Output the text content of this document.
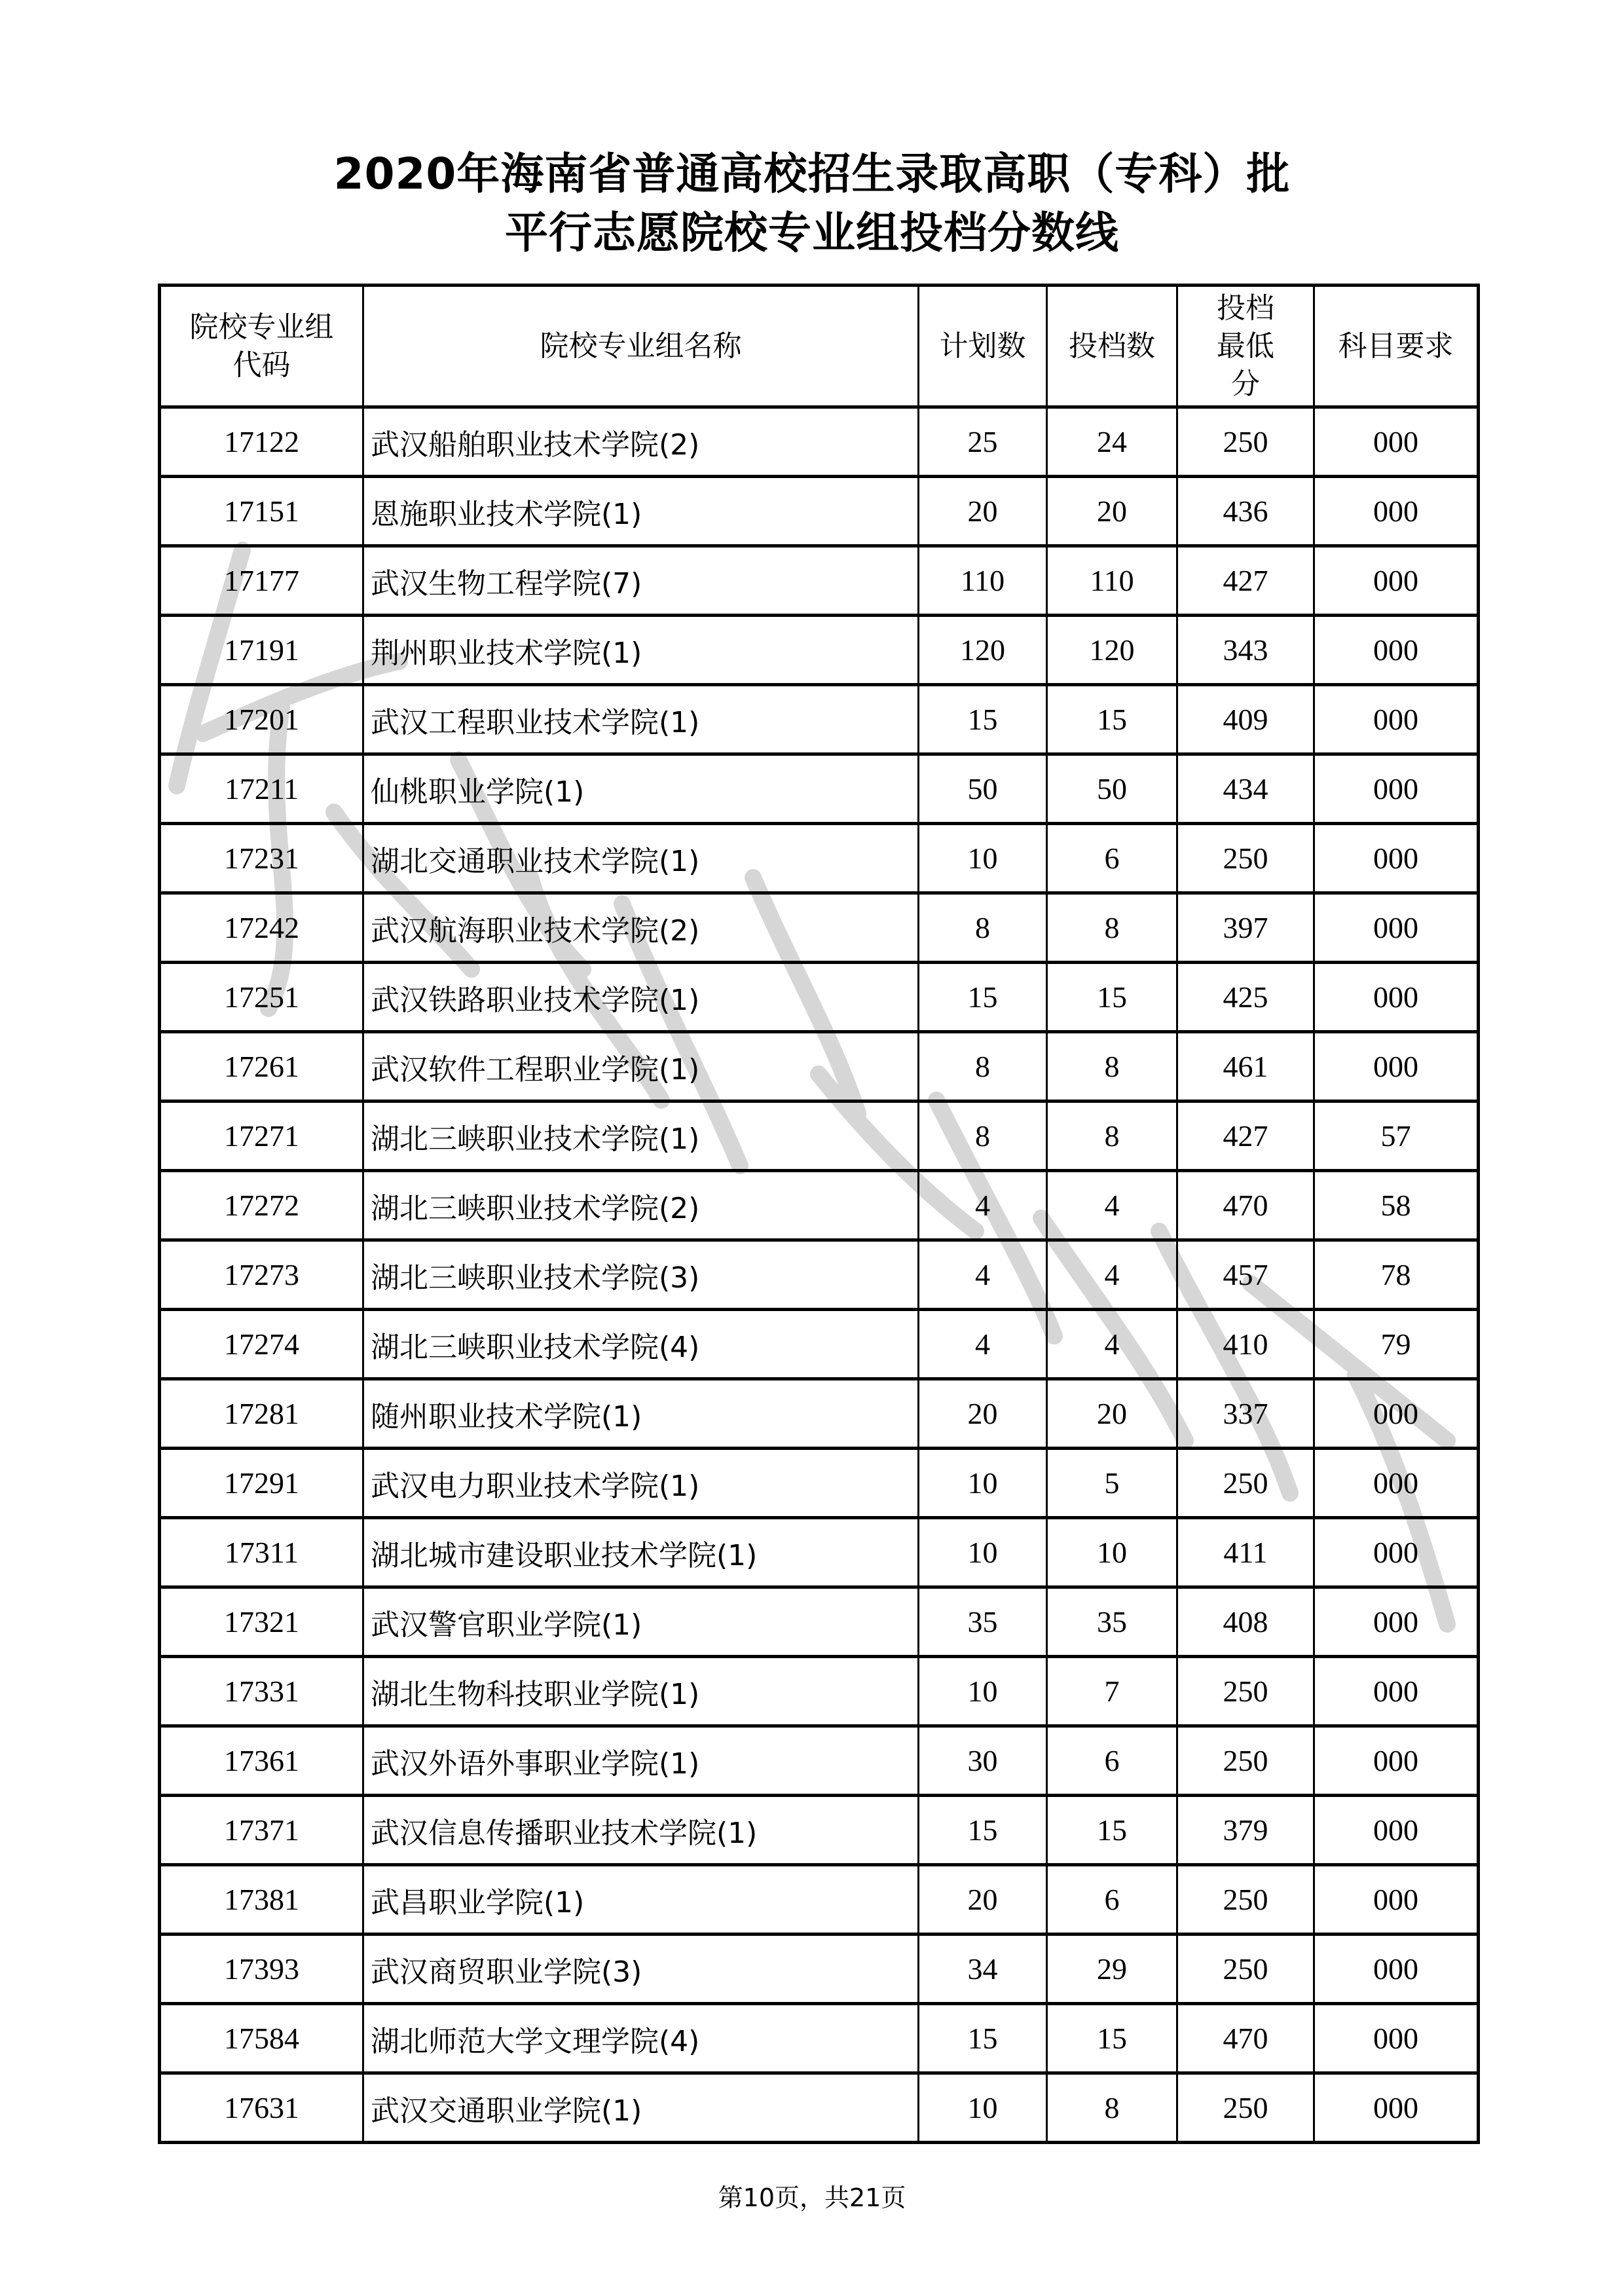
2020年海南省普通高校招生录取高职（专科）批
平行志愿院校专业组投档分数线
院校专业组代码	院校专业组名称	计划数	投档数	投档最低分	科目要求
17122	武汉船舶职业技术学院(2)	25	24	250	000
17151	恩施职业技术学院(1)	20	20	436	000
17177	武汉生物工程学院(7)	110	110	427	000
17191	荆州职业技术学院(1)	120	120	343	000
17201	武汉工程职业技术学院(1)	15	15	409	000
17211	仙桃职业学院(1)	50	50	434	000
17231	湖北交通职业技术学院(1)	10	6	250	000
17242	武汉航海职业技术学院(2)	8	8	397	000
17251	武汉铁路职业技术学院(1)	15	15	425	000
17261	武汉软件工程职业学院(1)	8	8	461	000
17271	湖北三峡职业技术学院(1)	8	8	427	57
17272	湖北三峡职业技术学院(2)	4	4	470	58
17273	湖北三峡职业技术学院(3)	4	4	457	78
17274	湖北三峡职业技术学院(4)	4	4	410	79
17281	随州职业技术学院(1)	20	20	337	000
17291	武汉电力职业技术学院(1)	10	5	250	000
17311	湖北城市建设职业技术学院(1)	10	10	411	000
17321	武汉警官职业学院(1)	35	35	408	000
17331	湖北生物科技职业学院(1)	10	7	250	000
17361	武汉外语外事职业学院(1)	30	6	250	000
17371	武汉信息传播职业技术学院(1)	15	15	379	000
17381	武昌职业学院(1)	20	6	250	000
17393	武汉商贸职业学院(3)	34	29	250	000
17584	湖北师范大学文理学院(4)	15	15	470	000
17631	武汉交通职业学院(1)	10	8	250	000
第10页，共21页
